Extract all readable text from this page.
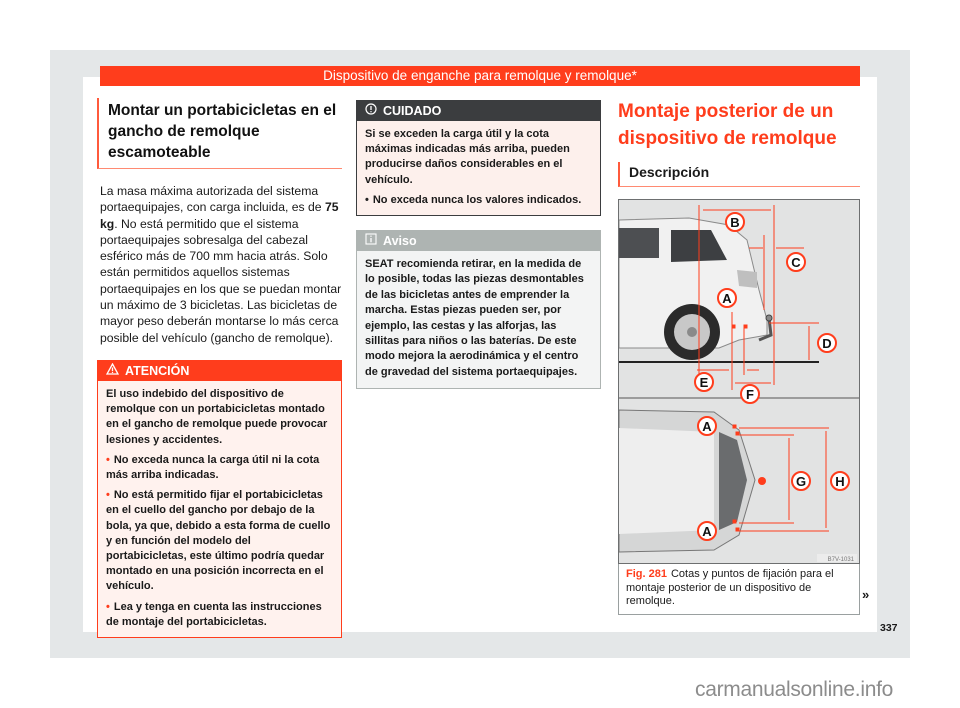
Dispositivo de enganche para remolque y remolque*
Montar un portabicicletas en el gancho de remolque escamoteable
La masa máxima autorizada del sistema portaequipajes, con carga incluida, es de 75 kg. No está permitido que el sistema portaequipajes sobresalga del cabezal esférico más de 700 mm hacia atrás. Solo están permitidos aquellos sistemas portaequipajes en los que se puedan montar un máximo de 3 bicicletas. Las bicicletas de mayor peso deberán montarse lo más cerca posible del vehículo (gancho de remolque).
ATENCIÓN

El uso indebido del dispositivo de remolque con un portabicicletas montado en el gancho de remolque puede provocar lesiones y accidentes.

• No exceda nunca la carga útil ni la cota más arriba indicadas.

• No está permitido fijar el portabicicletas en el cuello del gancho por debajo de la bola, ya que, debido a esta forma de cuello y en función del modelo del portabicicletas, este último podría quedar montado en una posición incorrecta en el vehículo.

• Lea y tenga en cuenta las instrucciones de montaje del portabicicletas.

CUIDADO

Si se exceden la carga útil y la cota máximas indicadas más arriba, pueden producirse daños considerables en el vehículo.

• No exceda nunca los valores indicados.

Aviso

SEAT recomienda retirar, en la medida de lo posible, todas las piezas desmontables de las bicicletas antes de emprender la marcha. Estas piezas pueden ser, por ejemplo, las cestas y las alforjas, las sillitas para niños o las baterías. De este modo mejora la aerodinámica y el centro de gravedad del sistema portaequipajes.

Montaje posterior de un dispositivo de remolque
Descripción
B
C
A
D
E
F
A
A
G H
B7V-1031
Fig. 281 Cotas y puntos de fijación para el montaje posterior de un dispositivo de remolque.	»
337
carmanualsonline.info
